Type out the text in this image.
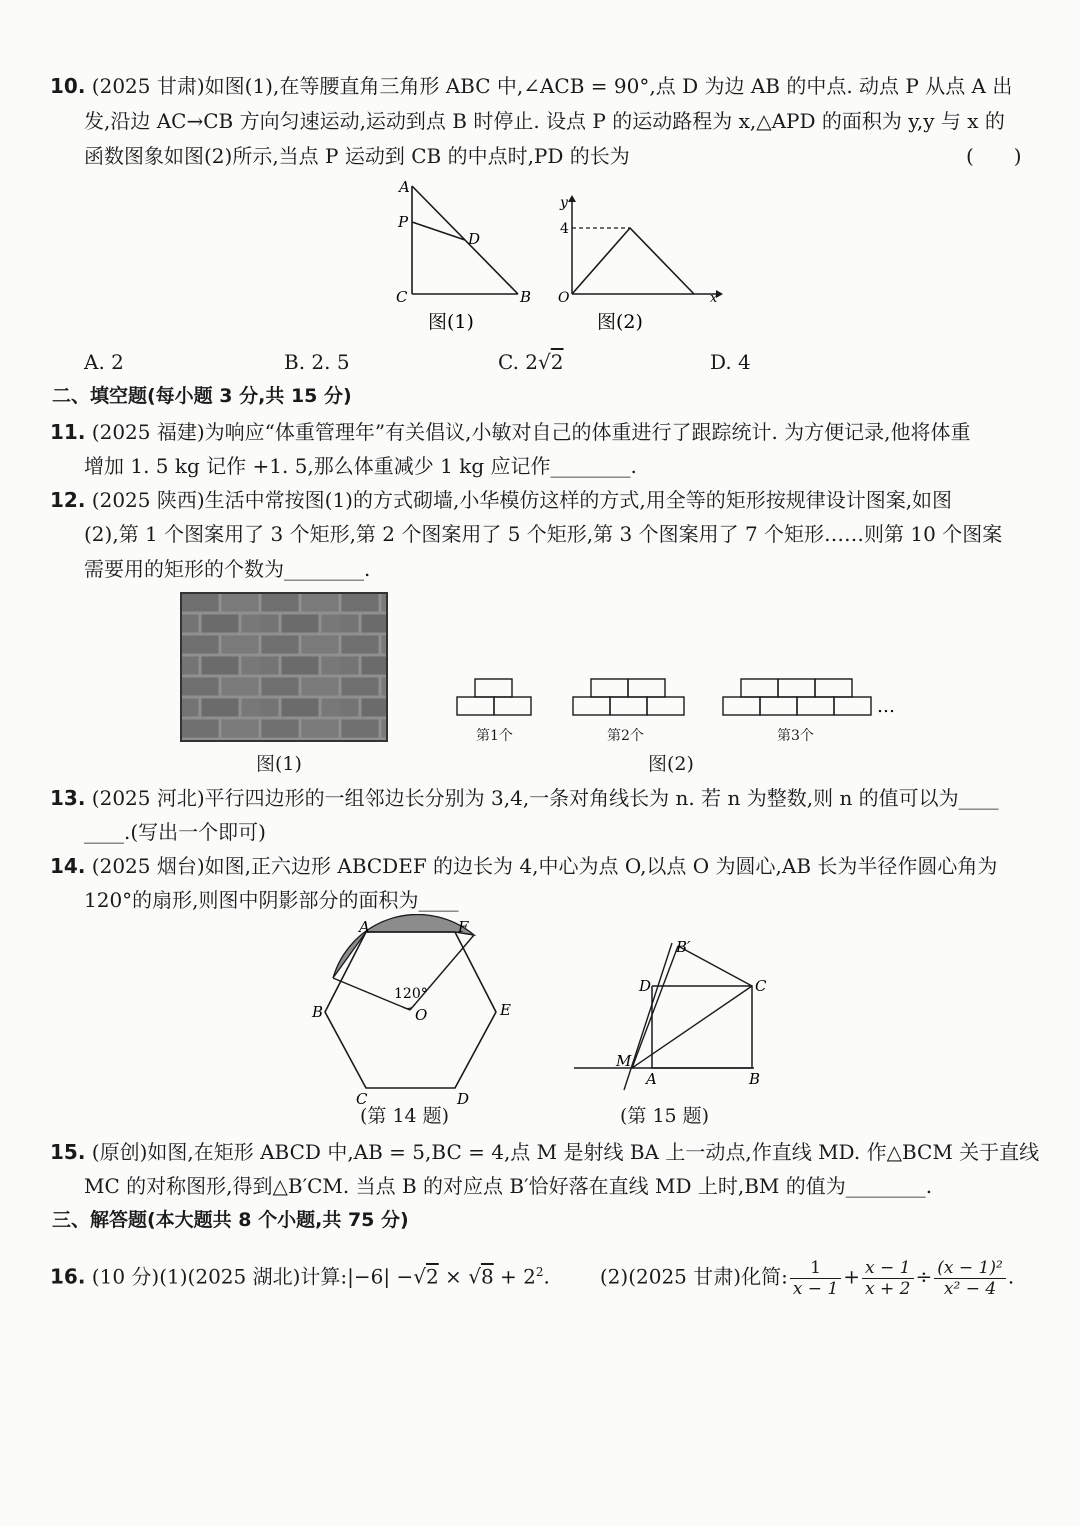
10. (2025 甘肃)如图(1),在等腰直角三角形 ABC 中,∠ACB = 90°,点 D 为边 AB 的中点. 动点 P 从点 A 出
发,沿边 AC→CB 方向匀速运动,运动到点 B 时停止. 设点 P 的运动路程为 x,△APD 的面积为 y,y 与 x 的
函数图象如图(2)所示,当点 P 运动到 CB 的中点时,PD 的长为	(　　)
A
P
D
C	B
图(1)
y
4
O	x
图(2)
A. 2	B. 2. 5	C. 2√2	D. 4
二、填空题(每小题 3 分,共 15 分)
11. (2025 福建)为响应“体重管理年”有关倡议,小敏对自己的体重进行了跟踪统计. 为方便记录,他将体重
增加 1. 5 kg 记作 +1. 5,那么体重减少 1 kg 应记作________.
12. (2025 陕西)生活中常按图(1)的方式砌墙,小华模仿这样的方式,用全等的矩形按规律设计图案,如图
(2),第 1 个图案用了 3 个矩形,第 2 个图案用了 5 个矩形,第 3 个图案用了 7 个矩形……则第 10 个图案
需要用的矩形的个数为________.
图(1)
…
第1个	第2个	第3个
图(2)
13. (2025 河北)平行四边形的一组邻边长分别为 3,4,一条对角线长为 n. 若 n 为整数,则 n 的值可以为____
____.(写出一个即可)
14. (2025 烟台)如图,正六边形 ABCDEF 的边长为 4,中心为点 O,以点 O 为圆心,AB 长为半径作圆心角为
120°的扇形,则图中阴影部分的面积为____
A	F
B	E
C	D
O
120°
(第 14 题)
B′
D	C
M
A	B
(第 15 题)
15. (原创)如图,在矩形 ABCD 中,AB = 5,BC = 4,点 M 是射线 BA 上一动点,作直线 MD. 作△BCM 关于直线
MC 的对称图形,得到△B′CM. 当点 B 的对应点 B′恰好落在直线 MD 上时,BM 的值为________.
三、解答题(本大题共 8 个小题,共 75 分)
16. (10 分)(1)(2025 湖北)计算:|−6| $-√2 \times √8 + 2^2$.	(2)(2025 甘肃)化简: $\frac{1}{x - 1} + \frac{x - 1}{x + 2} \div \frac{\text{(x − 1)²}}{\text{x² − 4}}$ .
